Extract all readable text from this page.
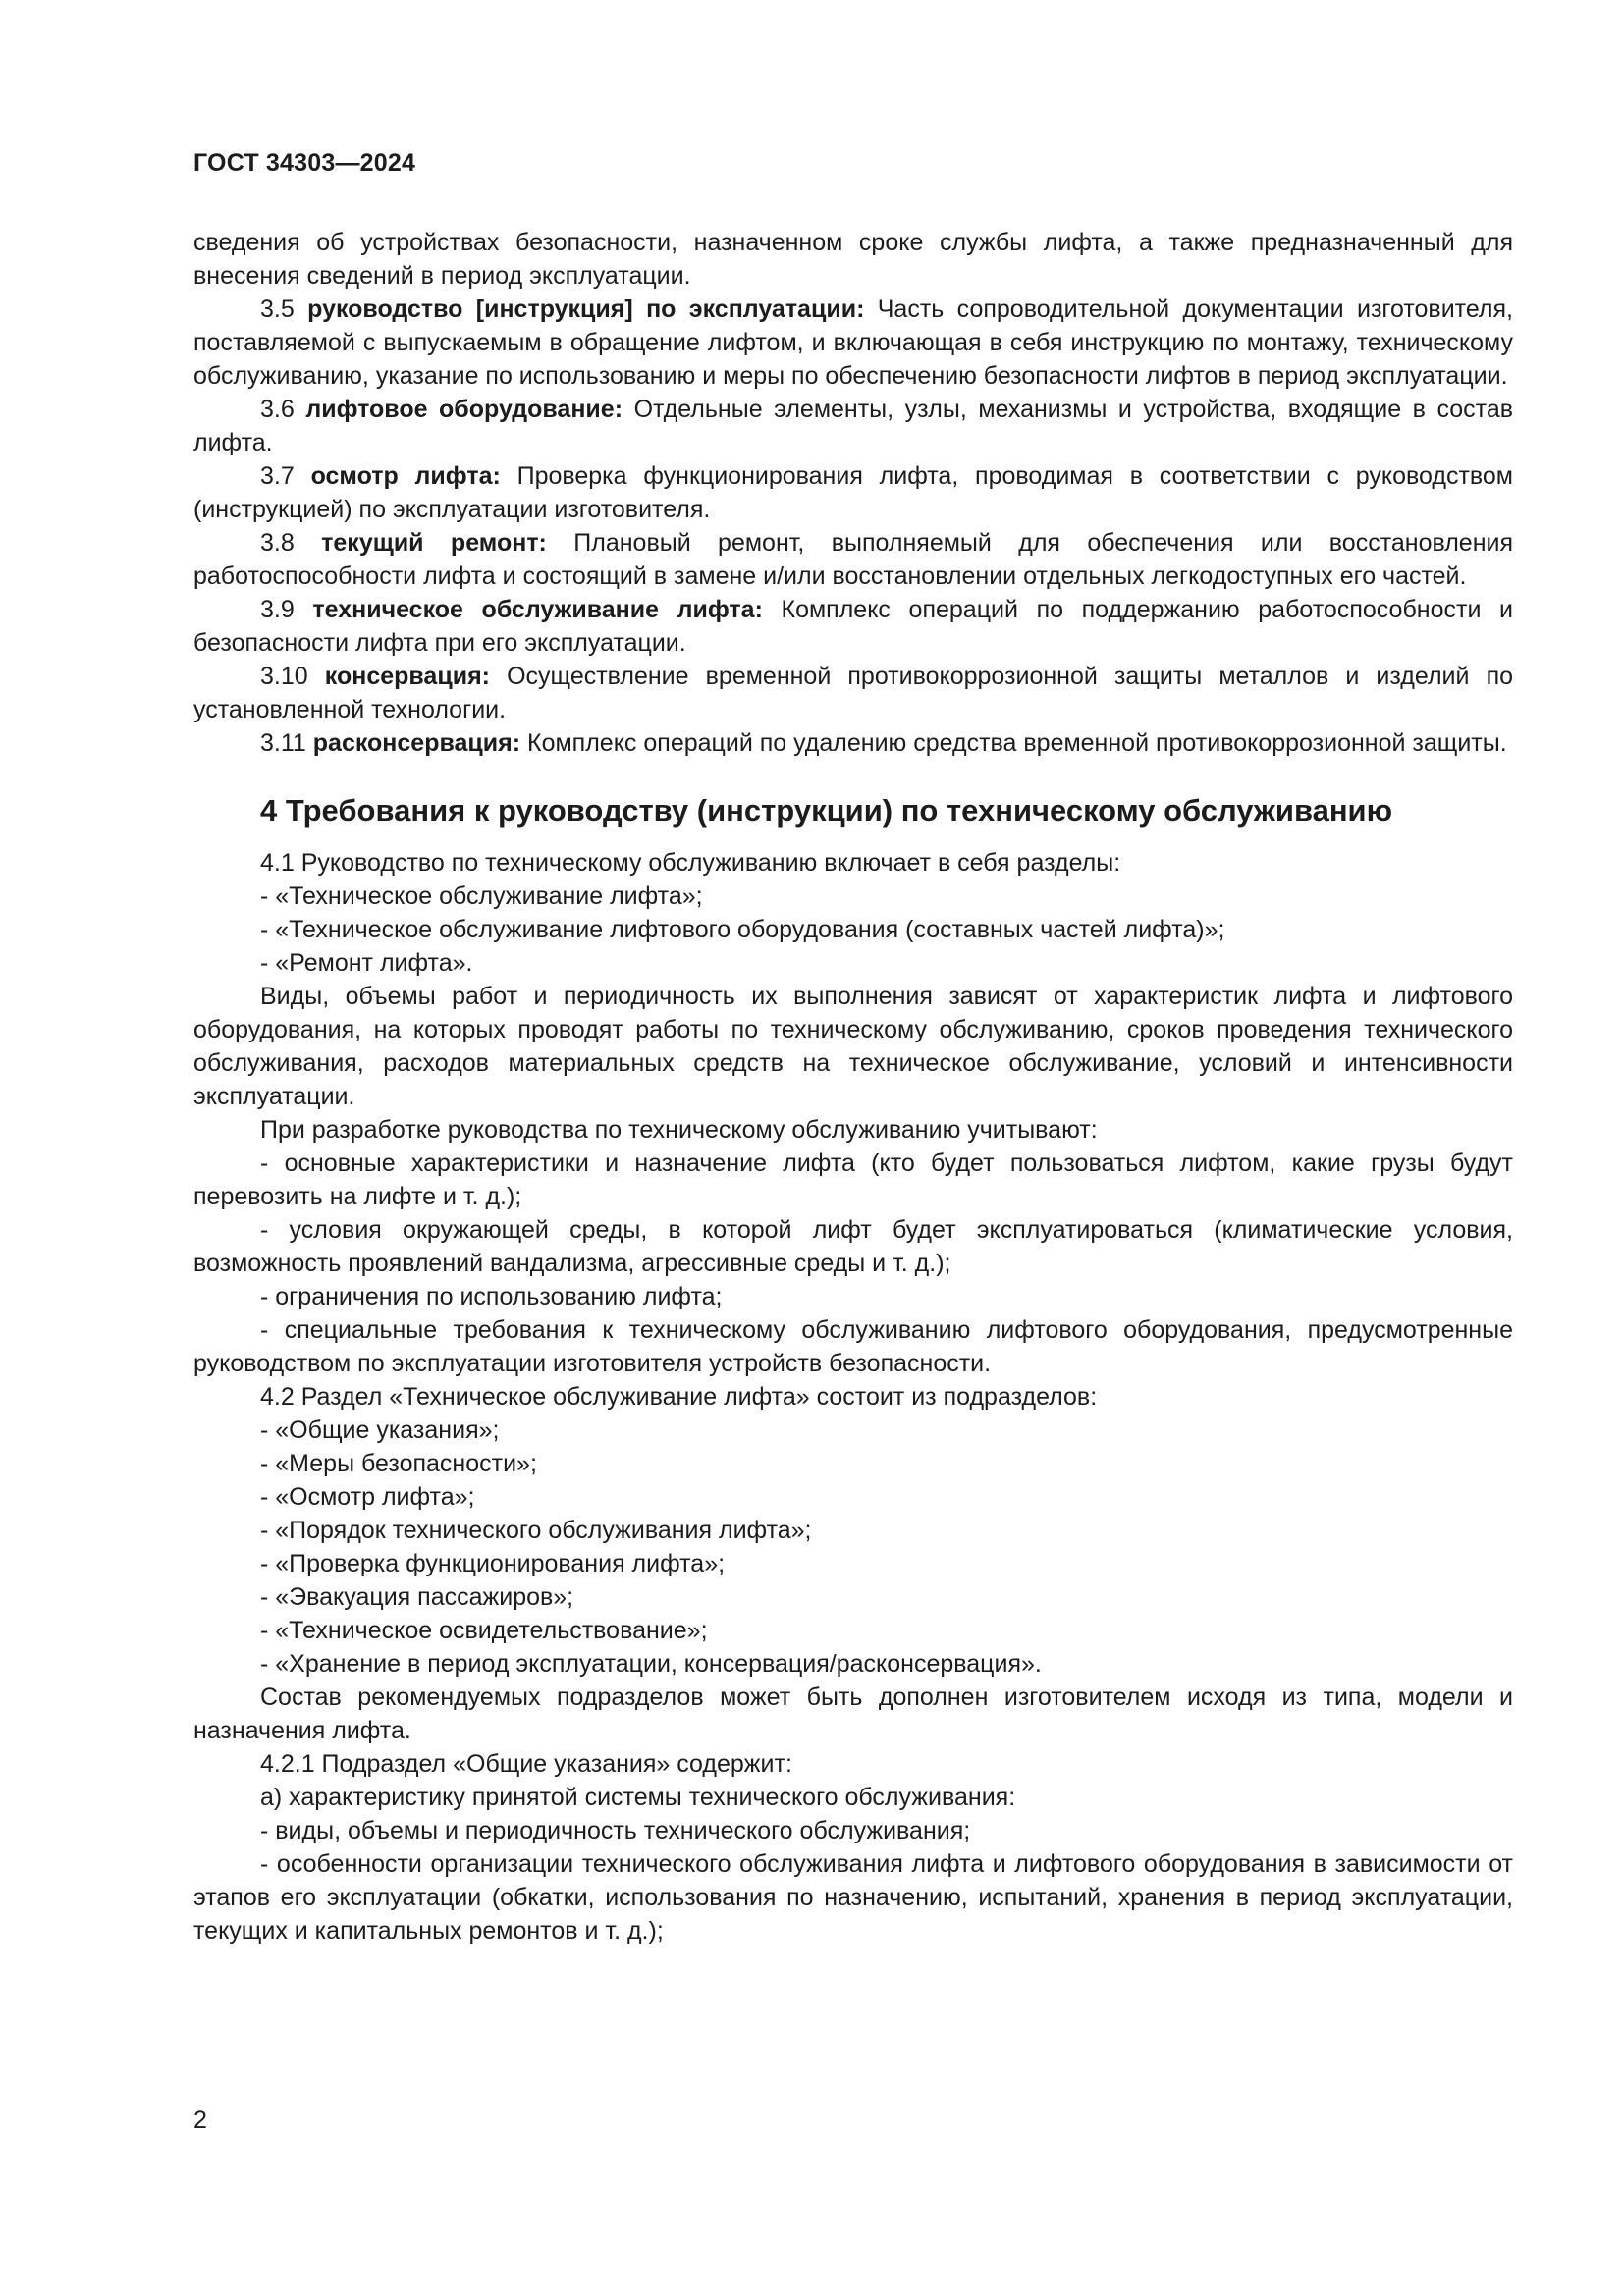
ГОСТ 34303—2024

сведения об устройствах безопасности, назначенном сроке службы лифта, а также предназначенный для внесения сведений в период эксплуатации.

3.5 руководство [инструкция] по эксплуатации: Часть сопроводительной документации изготовителя, поставляемой с выпускаемым в обращение лифтом, и включающая в себя инструкцию по монтажу, техническому обслуживанию, указание по использованию и меры по обеспечению безопасности лифтов в период эксплуатации.

3.6 лифтовое оборудование: Отдельные элементы, узлы, механизмы и устройства, входящие в состав лифта.

3.7 осмотр лифта: Проверка функционирования лифта, проводимая в соответствии с руководством (инструкцией) по эксплуатации изготовителя.

3.8 текущий ремонт: Плановый ремонт, выполняемый для обеспечения или восстановления работоспособности лифта и состоящий в замене и/или восстановлении отдельных легкодоступных его частей.

3.9 техническое обслуживание лифта: Комплекс операций по поддержанию работоспособности и безопасности лифта при его эксплуатации.

3.10 консервация: Осуществление временной противокоррозионной защиты металлов и изделий по установленной технологии.

3.11 расконсервация: Комплекс операций по удалению средства временной противокоррозионной защиты.

4 Требования к руководству (инструкции) по техническому обслуживанию

4.1 Руководство по техническому обслуживанию включает в себя разделы:

- «Техническое обслуживание лифта»;

- «Техническое обслуживание лифтового оборудования (составных частей лифта)»;

- «Ремонт лифта».

Виды, объемы работ и периодичность их выполнения зависят от характеристик лифта и лифтового оборудования, на которых проводят работы по техническому обслуживанию, сроков проведения технического обслуживания, расходов материальных средств на техническое обслуживание, условий и интенсивности эксплуатации.

При разработке руководства по техническому обслуживанию учитывают:

- основные характеристики и назначение лифта (кто будет пользоваться лифтом, какие грузы будут перевозить на лифте и т. д.);

- условия окружающей среды, в которой лифт будет эксплуатироваться (климатические условия, возможность проявлений вандализма, агрессивные среды и т. д.);

- ограничения по использованию лифта;

- специальные требования к техническому обслуживанию лифтового оборудования, предусмотренные руководством по эксплуатации изготовителя устройств безопасности.

4.2 Раздел «Техническое обслуживание лифта» состоит из подразделов:

- «Общие указания»;

- «Меры безопасности»;

- «Осмотр лифта»;

- «Порядок технического обслуживания лифта»;

- «Проверка функционирования лифта»;

- «Эвакуация пассажиров»;

- «Техническое освидетельствование»;

- «Хранение в период эксплуатации, консервация/расконсервация».

Состав рекомендуемых подразделов может быть дополнен изготовителем исходя из типа, модели и назначения лифта.

4.2.1 Подраздел «Общие указания» содержит:

а) характеристику принятой системы технического обслуживания:

- виды, объемы и периодичность технического обслуживания;

- особенности организации технического обслуживания лифта и лифтового оборудования в зависимости от этапов его эксплуатации (обкатки, использования по назначению, испытаний, хранения в период эксплуатации, текущих и капитальных ремонтов и т. д.);

2
